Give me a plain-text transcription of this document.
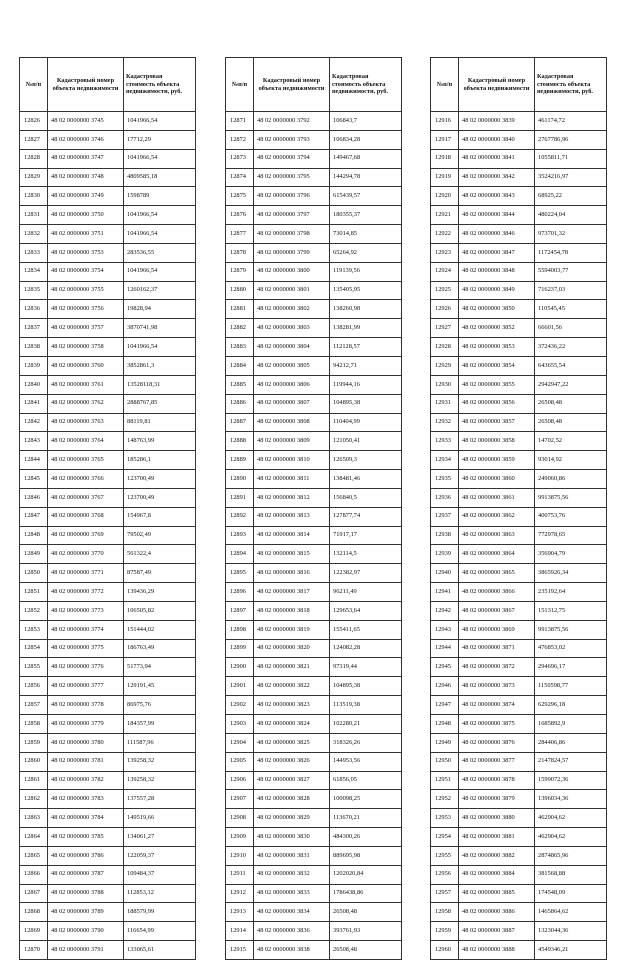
№п/п	Кадастровый номер объекта недвижимости	Кадастровая стоимость объекта недвижимости, руб.
12826	48 02 0000000 3745	1041966,54
12827	48 02 0000000 3746	17712,29
12828	48 02 0000000 3747	1041966,54
12829	48 02 0000000 3748	4809585,18
12830	48 02 0000000 3749	1598789
12831	48 02 0000000 3750	1041966,54
12832	48 02 0000000 3751	1041966,54
12833	48 02 0000000 3753	283536,55
12834	48 02 0000000 3754	1041966,54
12835	48 02 0000000 3755	1260162,37
12836	48 02 0000000 3756	19828,94
12837	48 02 0000000 3757	3870741,98
12838	48 02 0000000 3758	1041966,54
12839	48 02 0000000 3760	3852861,3
12840	48 02 0000000 3761	13528118,31
12841	48 02 0000000 3762	2888767,85
12842	48 02 0000000 3763	88119,81
12843	48 02 0000000 3764	148763,99
12844	48 02 0000000 3765	185286,1
12845	48 02 0000000 3766	123700,49
12846	48 02 0000000 3767	123700,49
12847	48 02 0000000 3768	154967,8
12848	48 02 0000000 3769	79502,49
12849	48 02 0000000 3770	561322,4
12850	48 02 0000000 3771	87587,49
12851	48 02 0000000 3772	139436,29
12852	48 02 0000000 3773	106505,82
12853	48 02 0000000 3774	151444,02
12854	48 02 0000000 3775	186763,49
12855	48 02 0000000 3776	51773,94
12856	48 02 0000000 3777	129191,45
12857	48 02 0000000 3778	86975,76
12858	48 02 0000000 3779	184357,99
12859	48 02 0000000 3780	111587,96
12860	48 02 0000000 3781	139258,32
12861	48 02 0000000 3782	139258,32
12862	48 02 0000000 3783	137557,28
12863	48 02 0000000 3784	149519,66
12864	48 02 0000000 3785	134061,27
12865	48 02 0000000 3786	122059,37
12866	48 02 0000000 3787	109484,37
12867	48 02 0000000 3788	112853,12
12868	48 02 0000000 3789	188579,99
12869	48 02 0000000 3790	116654,99
12870	48 02 0000000 3791	133065,61
№п/п	Кадастровый номер объекта недвижимости	Кадастровая стоимость объекта недвижимости, руб.
12871	48 02 0000000 3792	106843,7
12872	48 02 0000000 3793	106834,28
12873	48 02 0000000 3794	149467,68
12874	48 02 0000000 3795	144294,78
12875	48 02 0000000 3796	615439,57
12876	48 02 0000000 3797	180355,37
12877	48 02 0000000 3798	73014,85
12878	48 02 0000000 3799	65264,92
12879	48 02 0000000 3800	119139,56
12880	48 02 0000000 3801	135405,95
12881	48 02 0000000 3802	138260,98
12882	48 02 0000000 3803	138281,99
12883	48 02 0000000 3804	112128,57
12884	48 02 0000000 3805	94212,71
12885	48 02 0000000 3806	119944,16
12886	48 02 0000000 3807	104895,38
12887	48 02 0000000 3808	110404,99
12888	48 02 0000000 3809	121050,41
12889	48 02 0000000 3810	126509,3
12890	48 02 0000000 3811	138481,46
12891	48 02 0000000 3812	156840,5
12892	48 02 0000000 3813	127877,74
12893	48 02 0000000 3814	71917,17
12894	48 02 0000000 3815	132114,5
12895	48 02 0000000 3816	122382,97
12896	48 02 0000000 3817	96211,49
12897	48 02 0000000 3818	129653,64
12898	48 02 0000000 3819	155411,65
12899	48 02 0000000 3820	124082,28
12900	48 02 0000000 3821	97319,44
12901	48 02 0000000 3822	104895,38
12902	48 02 0000000 3823	113519,38
12903	48 02 0000000 3824	102280,21
12904	48 02 0000000 3825	318326,26
12905	48 02 0000000 3826	144953,56
12906	48 02 0000000 3827	61856,05
12907	48 02 0000000 3828	100098,25
12908	48 02 0000000 3829	113670,21
12909	48 02 0000000 3830	484300,26
12910	48 02 0000000 3831	889695,98
12911	48 02 0000000 3832	1202020,84
12912	48 02 0000000 3833	1786438,86
12913	48 02 0000000 3834	26508,48
12914	48 02 0000000 3836	393761,93
12915	48 02 0000000 3838	26508,48
№п/п	Кадастровый номер объекта недвижимости	Кадастровая стоимость объекта недвижимости, руб.
12916	48 02 0000000 3839	461174,72
12917	48 02 0000000 3840	2767786,96
12918	48 02 0000000 3841	1055811,71
12919	48 02 0000000 3842	3524216,97
12920	48 02 0000000 3843	68925,22
12921	48 02 0000000 3844	480224,04
12922	48 02 0000000 3846	973701,32
12923	48 02 0000000 3847	1172454,78
12924	48 02 0000000 3848	5594003,77
12925	48 02 0000000 3849	716237,03
12926	48 02 0000000 3850	110545,45
12927	48 02 0000000 3852	66601,56
12928	48 02 0000000 3853	372436,22
12929	48 02 0000000 3854	643655,54
12930	48 02 0000000 3855	2942947,22
12931	48 02 0000000 3856	26508,48
12932	48 02 0000000 3857	26508,48
12933	48 02 0000000 3858	14702,52
12934	48 02 0000000 3859	93014,92
12935	48 02 0000000 3860	249060,86
12936	48 02 0000000 3861	9913875,56
12937	48 02 0000000 3862	400753,76
12938	48 02 0000000 3863	772978,65
12939	48 02 0000000 3864	356904,79
12940	48 02 0000000 3865	3865926,34
12941	48 02 0000000 3866	235192,64
12942	48 02 0000000 3867	151312,75
12943	48 02 0000000 3869	9913875,56
12944	48 02 0000000 3871	476853,02
12945	48 02 0000000 3872	294696,17
12946	48 02 0000000 3873	1150598,77
12947	48 02 0000000 3874	629296,18
12948	48 02 0000000 3875	1685892,9
12949	48 02 0000000 3876	284406,86
12950	48 02 0000000 3877	2147824,57
12951	48 02 0000000 3878	1599072,36
12952	48 02 0000000 3879	1396034,36
12953	48 02 0000000 3880	462904,62
12954	48 02 0000000 3881	462904,62
12955	48 02 0000000 3882	2874865,96
12956	48 02 0000000 3884	381568,88
12957	48 02 0000000 3885	174548,09
12958	48 02 0000000 3886	1465864,62
12959	48 02 0000000 3887	1323044,36
12960	48 02 0000000 3888	4549346,21
